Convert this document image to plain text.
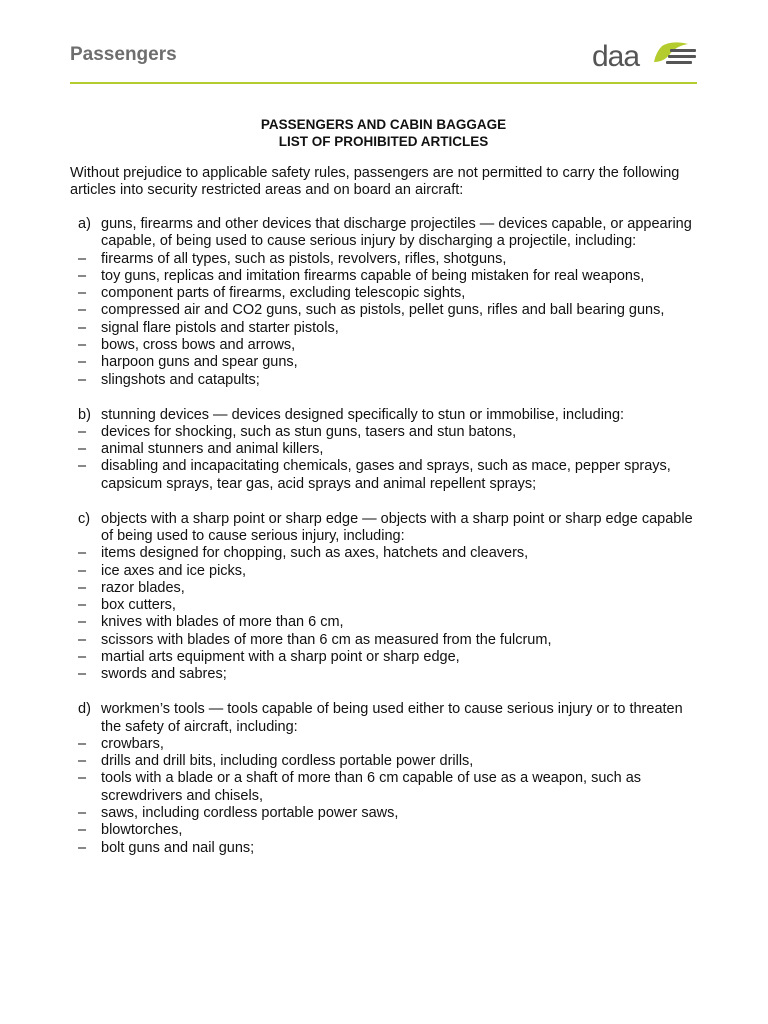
Passengers	daa
PASSENGERS AND CABIN BAGGAGE
LIST OF PROHIBITED ARTICLES
Without prejudice to applicable safety rules, passengers are not permitted to carry the following articles into security restricted areas and on board an aircraft:
a) guns, firearms and other devices that discharge projectiles — devices capable, or appearing capable, of being used to cause serious injury by discharging a projectile, including:
–	firearms of all types, such as pistols, revolvers, rifles, shotguns,
–	toy guns, replicas and imitation firearms capable of being mistaken for real weapons,
–	component parts of firearms, excluding telescopic sights,
–	compressed air and CO2 guns, such as pistols, pellet guns, rifles and ball bearing guns,
–	signal flare pistols and starter pistols,
–	bows, cross bows and arrows,
–	harpoon guns and spear guns,
–	slingshots and catapults;
b) stunning devices — devices designed specifically to stun or immobilise, including:
–	devices for shocking, such as stun guns, tasers and stun batons,
–	animal stunners and animal killers,
–	disabling and incapacitating chemicals, gases and sprays, such as mace, pepper sprays, capsicum sprays, tear gas, acid sprays and animal repellent sprays;
c) objects with a sharp point or sharp edge — objects with a sharp point or sharp edge capable of being used to cause serious injury, including:
–	items designed for chopping, such as axes, hatchets and cleavers,
–	ice axes and ice picks,
–	razor blades,
–	box cutters,
–	knives with blades of more than 6 cm,
–	scissors with blades of more than 6 cm as measured from the fulcrum,
–	martial arts equipment with a sharp point or sharp edge,
–	swords and sabres;
d) workmen’s tools — tools capable of being used either to cause serious injury or to threaten the safety of aircraft, including:
–	crowbars,
–	drills and drill bits, including cordless portable power drills,
–	tools with a blade or a shaft of more than 6 cm capable of use as a weapon, such as screwdrivers and chisels,
–	saws, including cordless portable power saws,
–	blowtorches,
–	bolt guns and nail guns;
